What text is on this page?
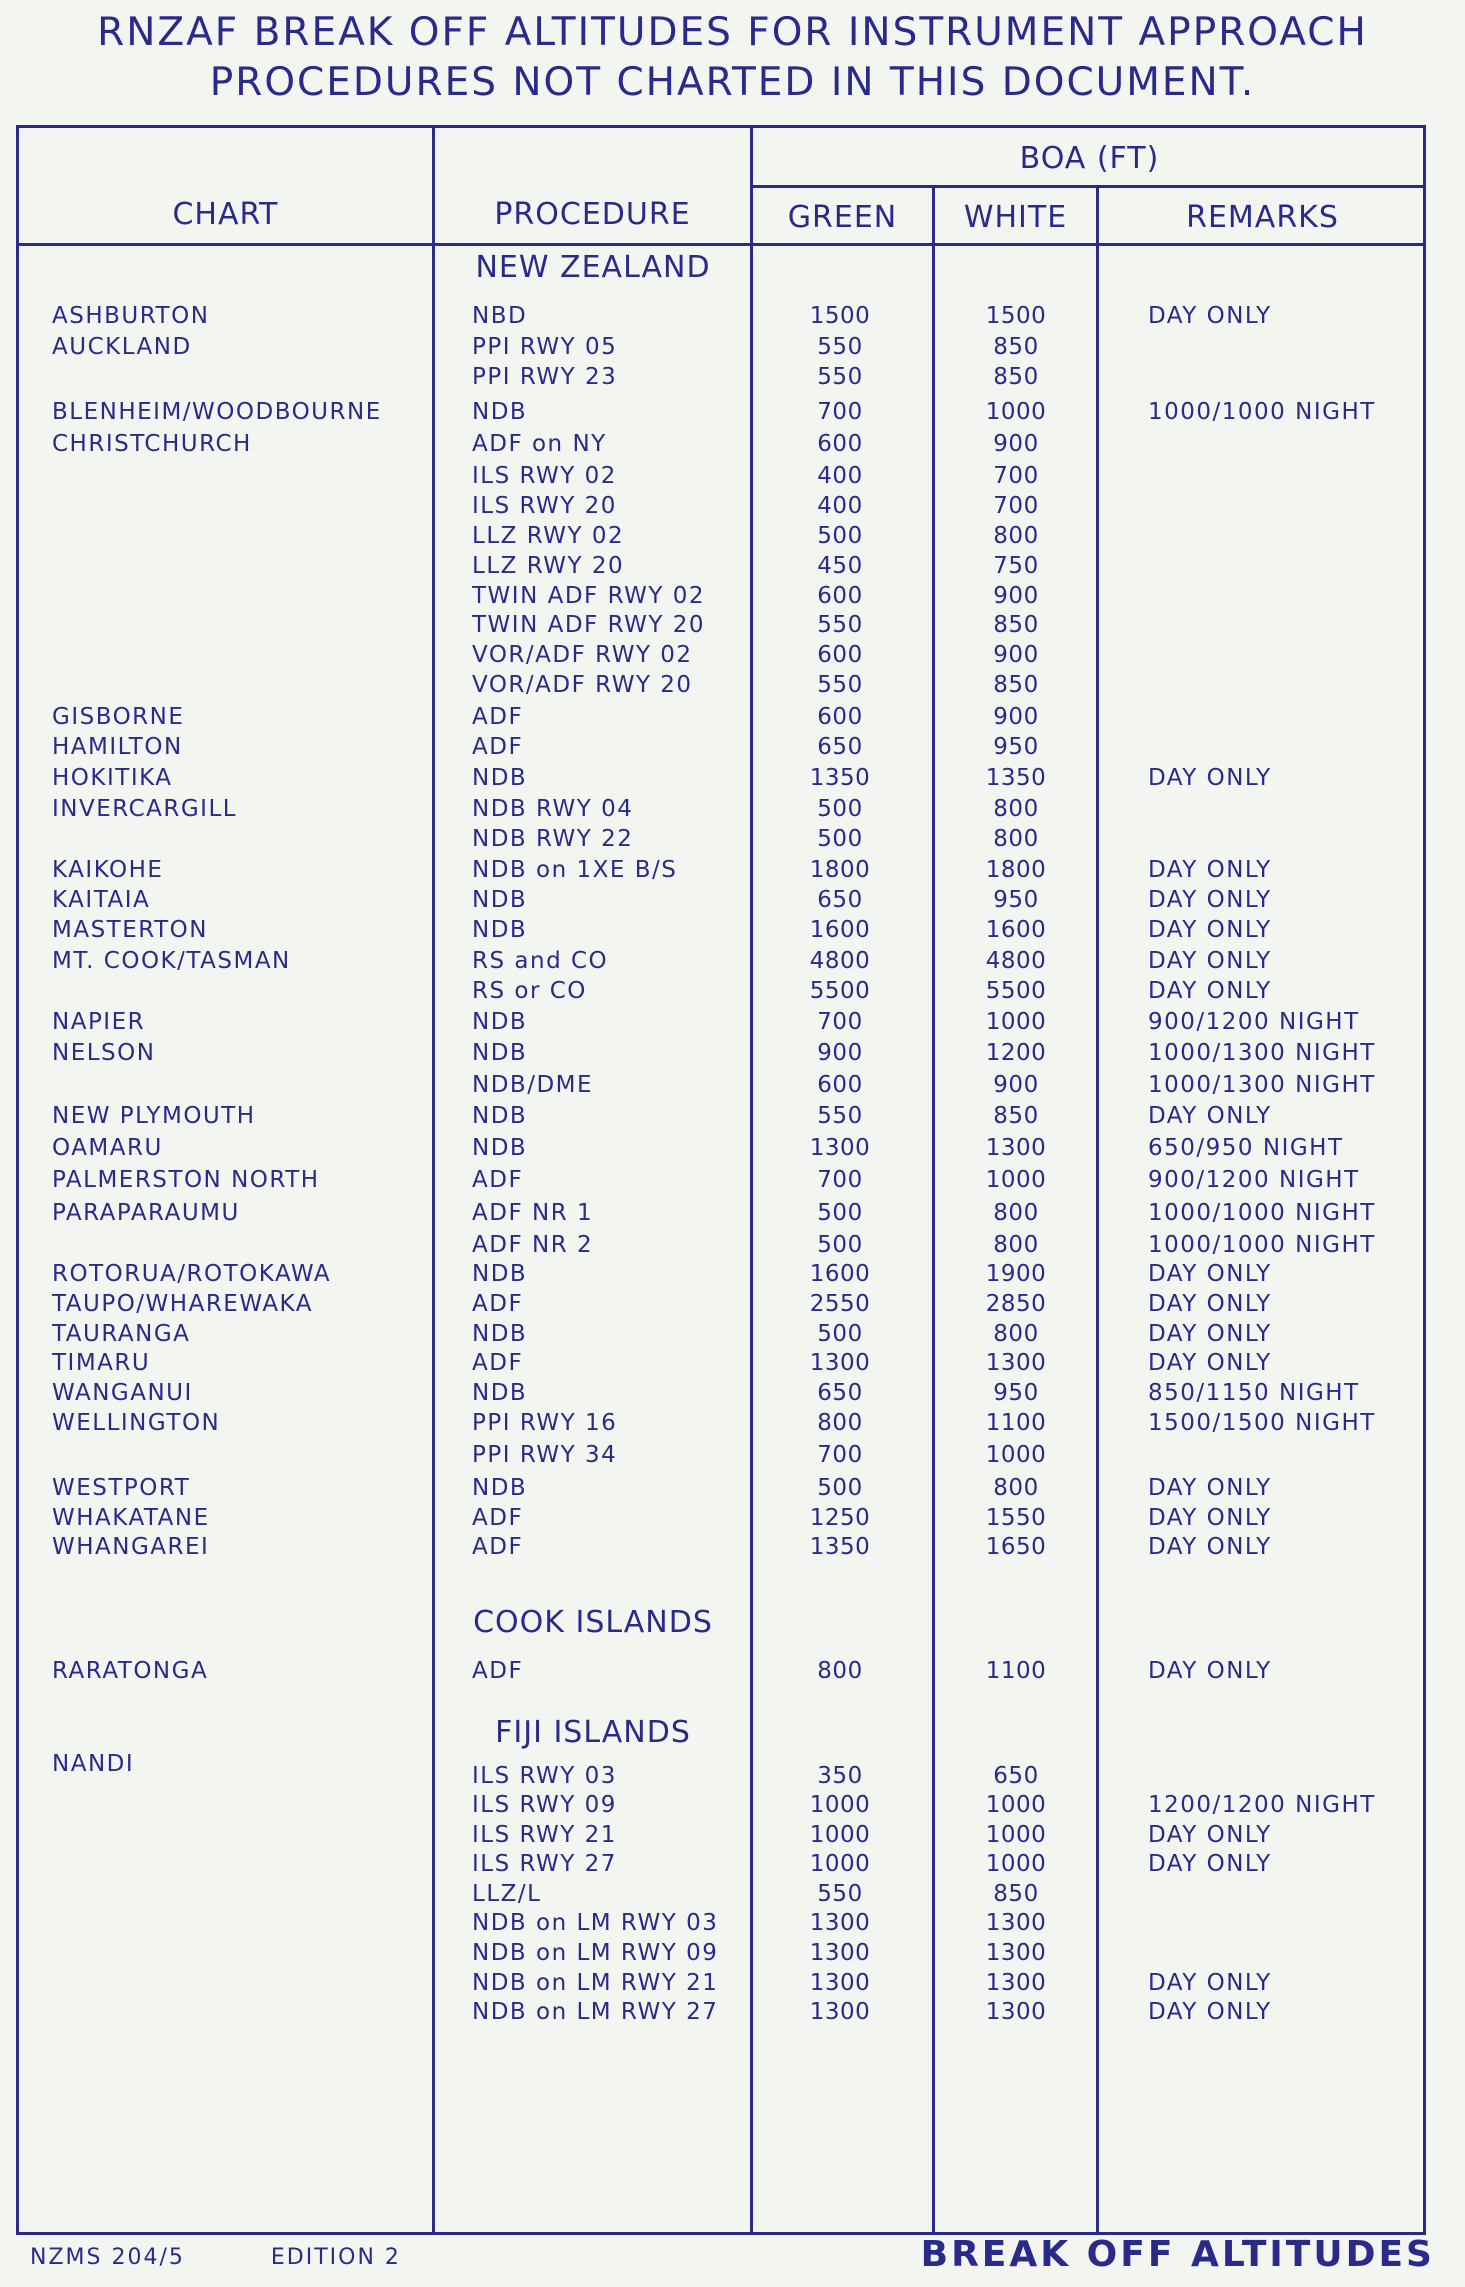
RNZAF BREAK OFF ALTITUDES FOR INSTRUMENT APPROACH
PROCEDURES NOT CHARTED IN THIS DOCUMENT.
CHART	PROCEDURE
BOA (FT)
GREEN	WHITE	REMARKS
NEW ZEALAND
ASHBURTON	NBD	1500	1500	DAY ONLY
AUCKLAND	PPI RWY 05	550	850
PPI RWY 23	550	850
BLENHEIM/WOODBOURNE	NDB	700	1000	1000/1000 NIGHT
CHRISTCHURCH	ADF on NY	600	900
ILS RWY 02	400	700
ILS RWY 20	400	700
LLZ RWY 02	500	800
LLZ RWY 20	450	750
TWIN ADF RWY 02	600	900
TWIN ADF RWY 20	550	850
VOR/ADF RWY 02	600	900
VOR/ADF RWY 20	550	850
GISBORNE	ADF	600	900
HAMILTON	ADF	650	950
HOKITIKA	NDB	1350	1350	DAY ONLY
INVERCARGILL	NDB RWY 04	500	800
NDB RWY 22	500	800
KAIKOHE	NDB on 1XE B/S	1800	1800	DAY ONLY
KAITAIA	NDB	650	950	DAY ONLY
MASTERTON	NDB	1600	1600	DAY ONLY
MT. COOK/TASMAN	RS and CO	4800	4800	DAY ONLY
RS or CO	5500	5500	DAY ONLY
NAPIER	NDB	700	1000	900/1200 NIGHT
NELSON	NDB	900	1200	1000/1300 NIGHT
NDB/DME	600	900	1000/1300 NIGHT
NEW PLYMOUTH	NDB	550	850	DAY ONLY
OAMARU	NDB	1300	1300	650/950 NIGHT
PALMERSTON NORTH	ADF	700	1000	900/1200 NIGHT
PARAPARAUMU	ADF NR 1	500	800	1000/1000 NIGHT
ADF NR 2	500	800	1000/1000 NIGHT
ROTORUA/ROTOKAWA	NDB	1600	1900	DAY ONLY
TAUPO/WHAREWAKA	ADF	2550	2850	DAY ONLY
TAURANGA	NDB	500	800	DAY ONLY
TIMARU	ADF	1300	1300	DAY ONLY
WANGANUI	NDB	650	950	850/1150 NIGHT
WELLINGTON	PPI RWY 16	800	1100	1500/1500 NIGHT
PPI RWY 34	700	1000
WESTPORT	NDB	500	800	DAY ONLY
WHAKATANE	ADF	1250	1550	DAY ONLY
WHANGAREI	ADF	1350	1650	DAY ONLY
COOK ISLANDS
RARATONGA	ADF	800	1100	DAY ONLY
FIJI ISLANDS
NANDI	ILS RWY 03	350	650
ILS RWY 09	1000	1000	1200/1200 NIGHT
ILS RWY 21	1000	1000	DAY ONLY
ILS RWY 27	1000	1000	DAY ONLY
LLZ/L	550	850
NDB on LM RWY 03	1300	1300
NDB on LM RWY 09	1300	1300
NDB on LM RWY 21	1300	1300	DAY ONLY
NDB on LM RWY 27	1300	1300	DAY ONLY
NZMS 204/5	EDITION 2	BREAK OFF ALTITUDES
